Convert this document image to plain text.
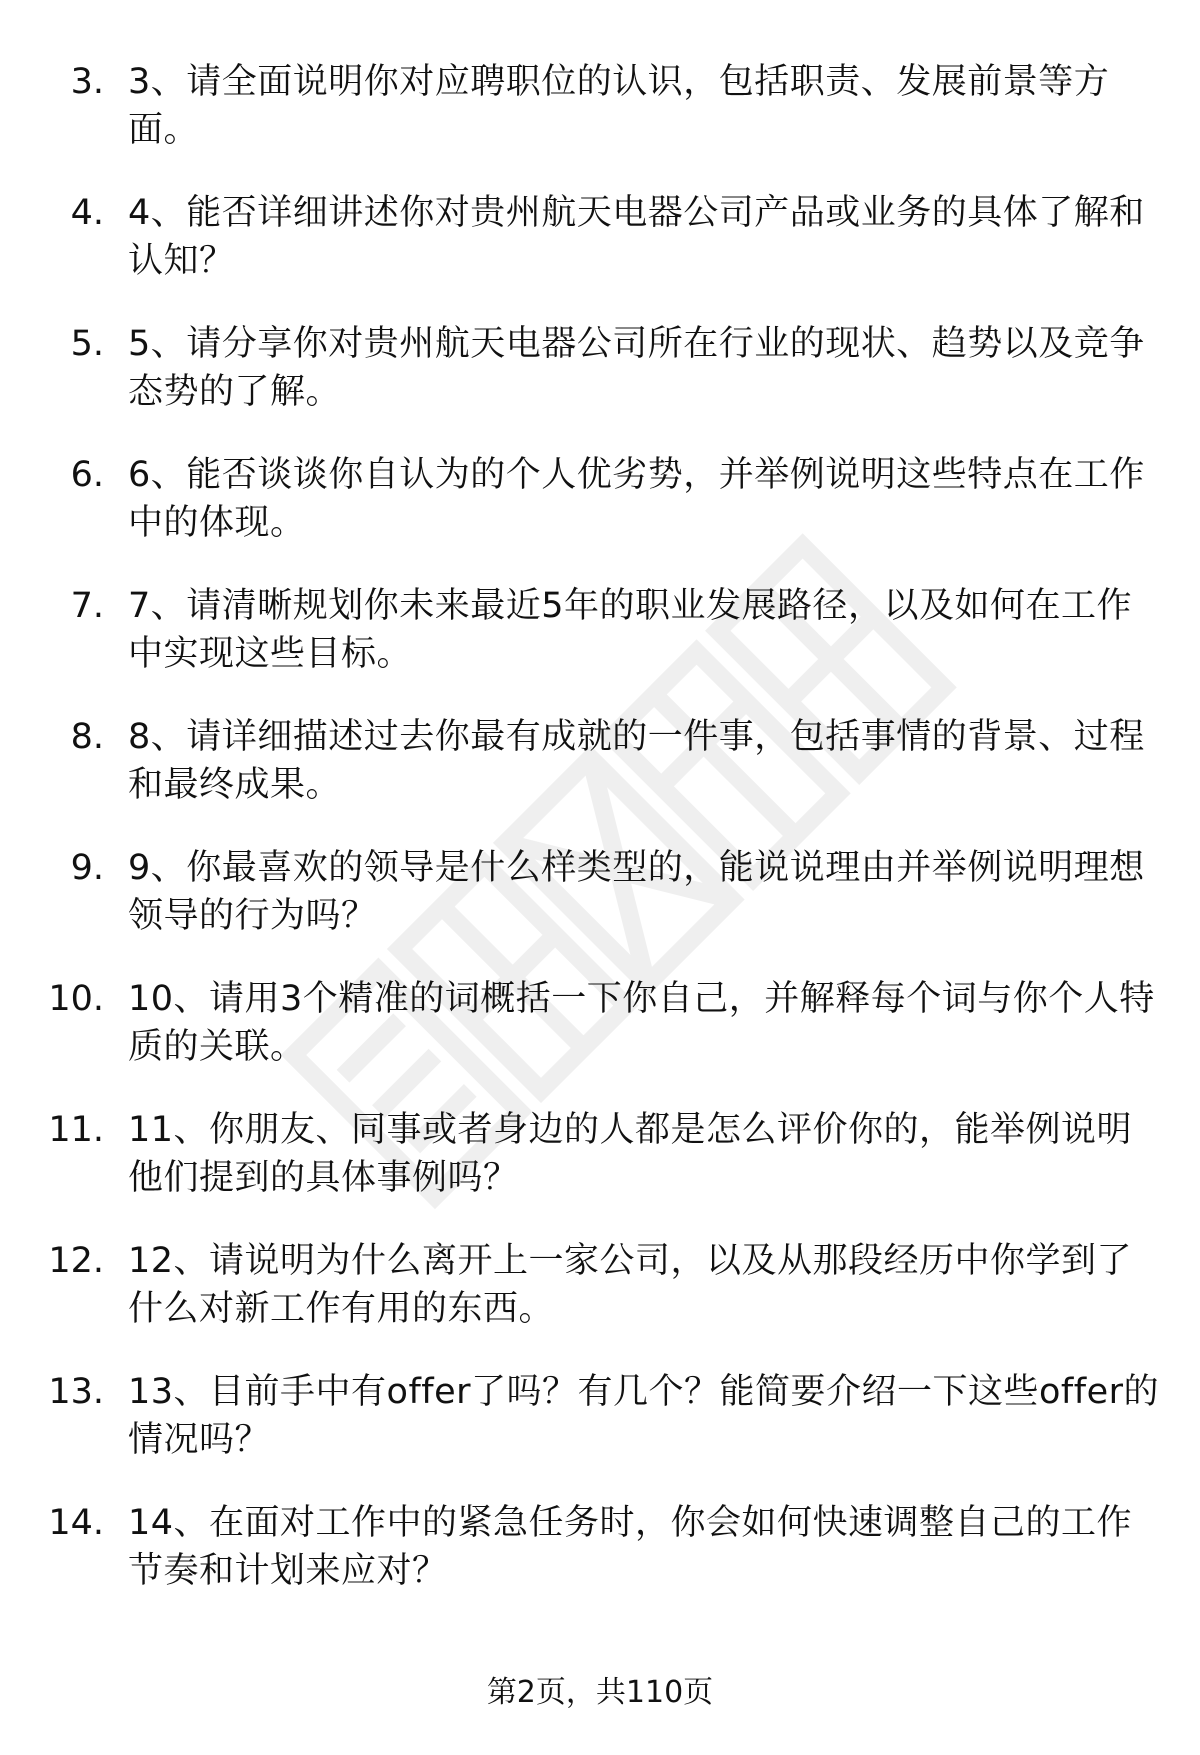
3. 3、请全面说明你对应聘职位的认识，包括职责、发展前景等方面。
4. 4、能否详细讲述你对贵州航天电器公司产品或业务的具体了解和认知？
5. 5、请分享你对贵州航天电器公司所在行业的现状、趋势以及竞争态势的了解。
6. 6、能否谈谈你自认为的个人优劣势，并举例说明这些特点在工作中的体现。
7. 7、请清晰规划你未来最近5年的职业发展路径，以及如何在工作中实现这些目标。
8. 8、请详细描述过去你最有成就的一件事，包括事情的背景、过程和最终成果。
9. 9、你最喜欢的领导是什么样类型的，能说说理由并举例说明理想领导的行为吗？
10. 10、请用3个精准的词概括一下你自己，并解释每个词与你个人特质的关联。
11. 11、你朋友、同事或者身边的人都是怎么评价你的，能举例说明他们提到的具体事例吗？
12. 12、请说明为什么离开上一家公司，以及从那段经历中你学到了什么对新工作有用的东西。
13. 13、目前手中有offer了吗？有几个？能简要介绍一下这些offer的情况吗？
14. 14、在面对工作中的紧急任务时，你会如何快速调整自己的工作节奏和计划来应对？
第2页，共110页
